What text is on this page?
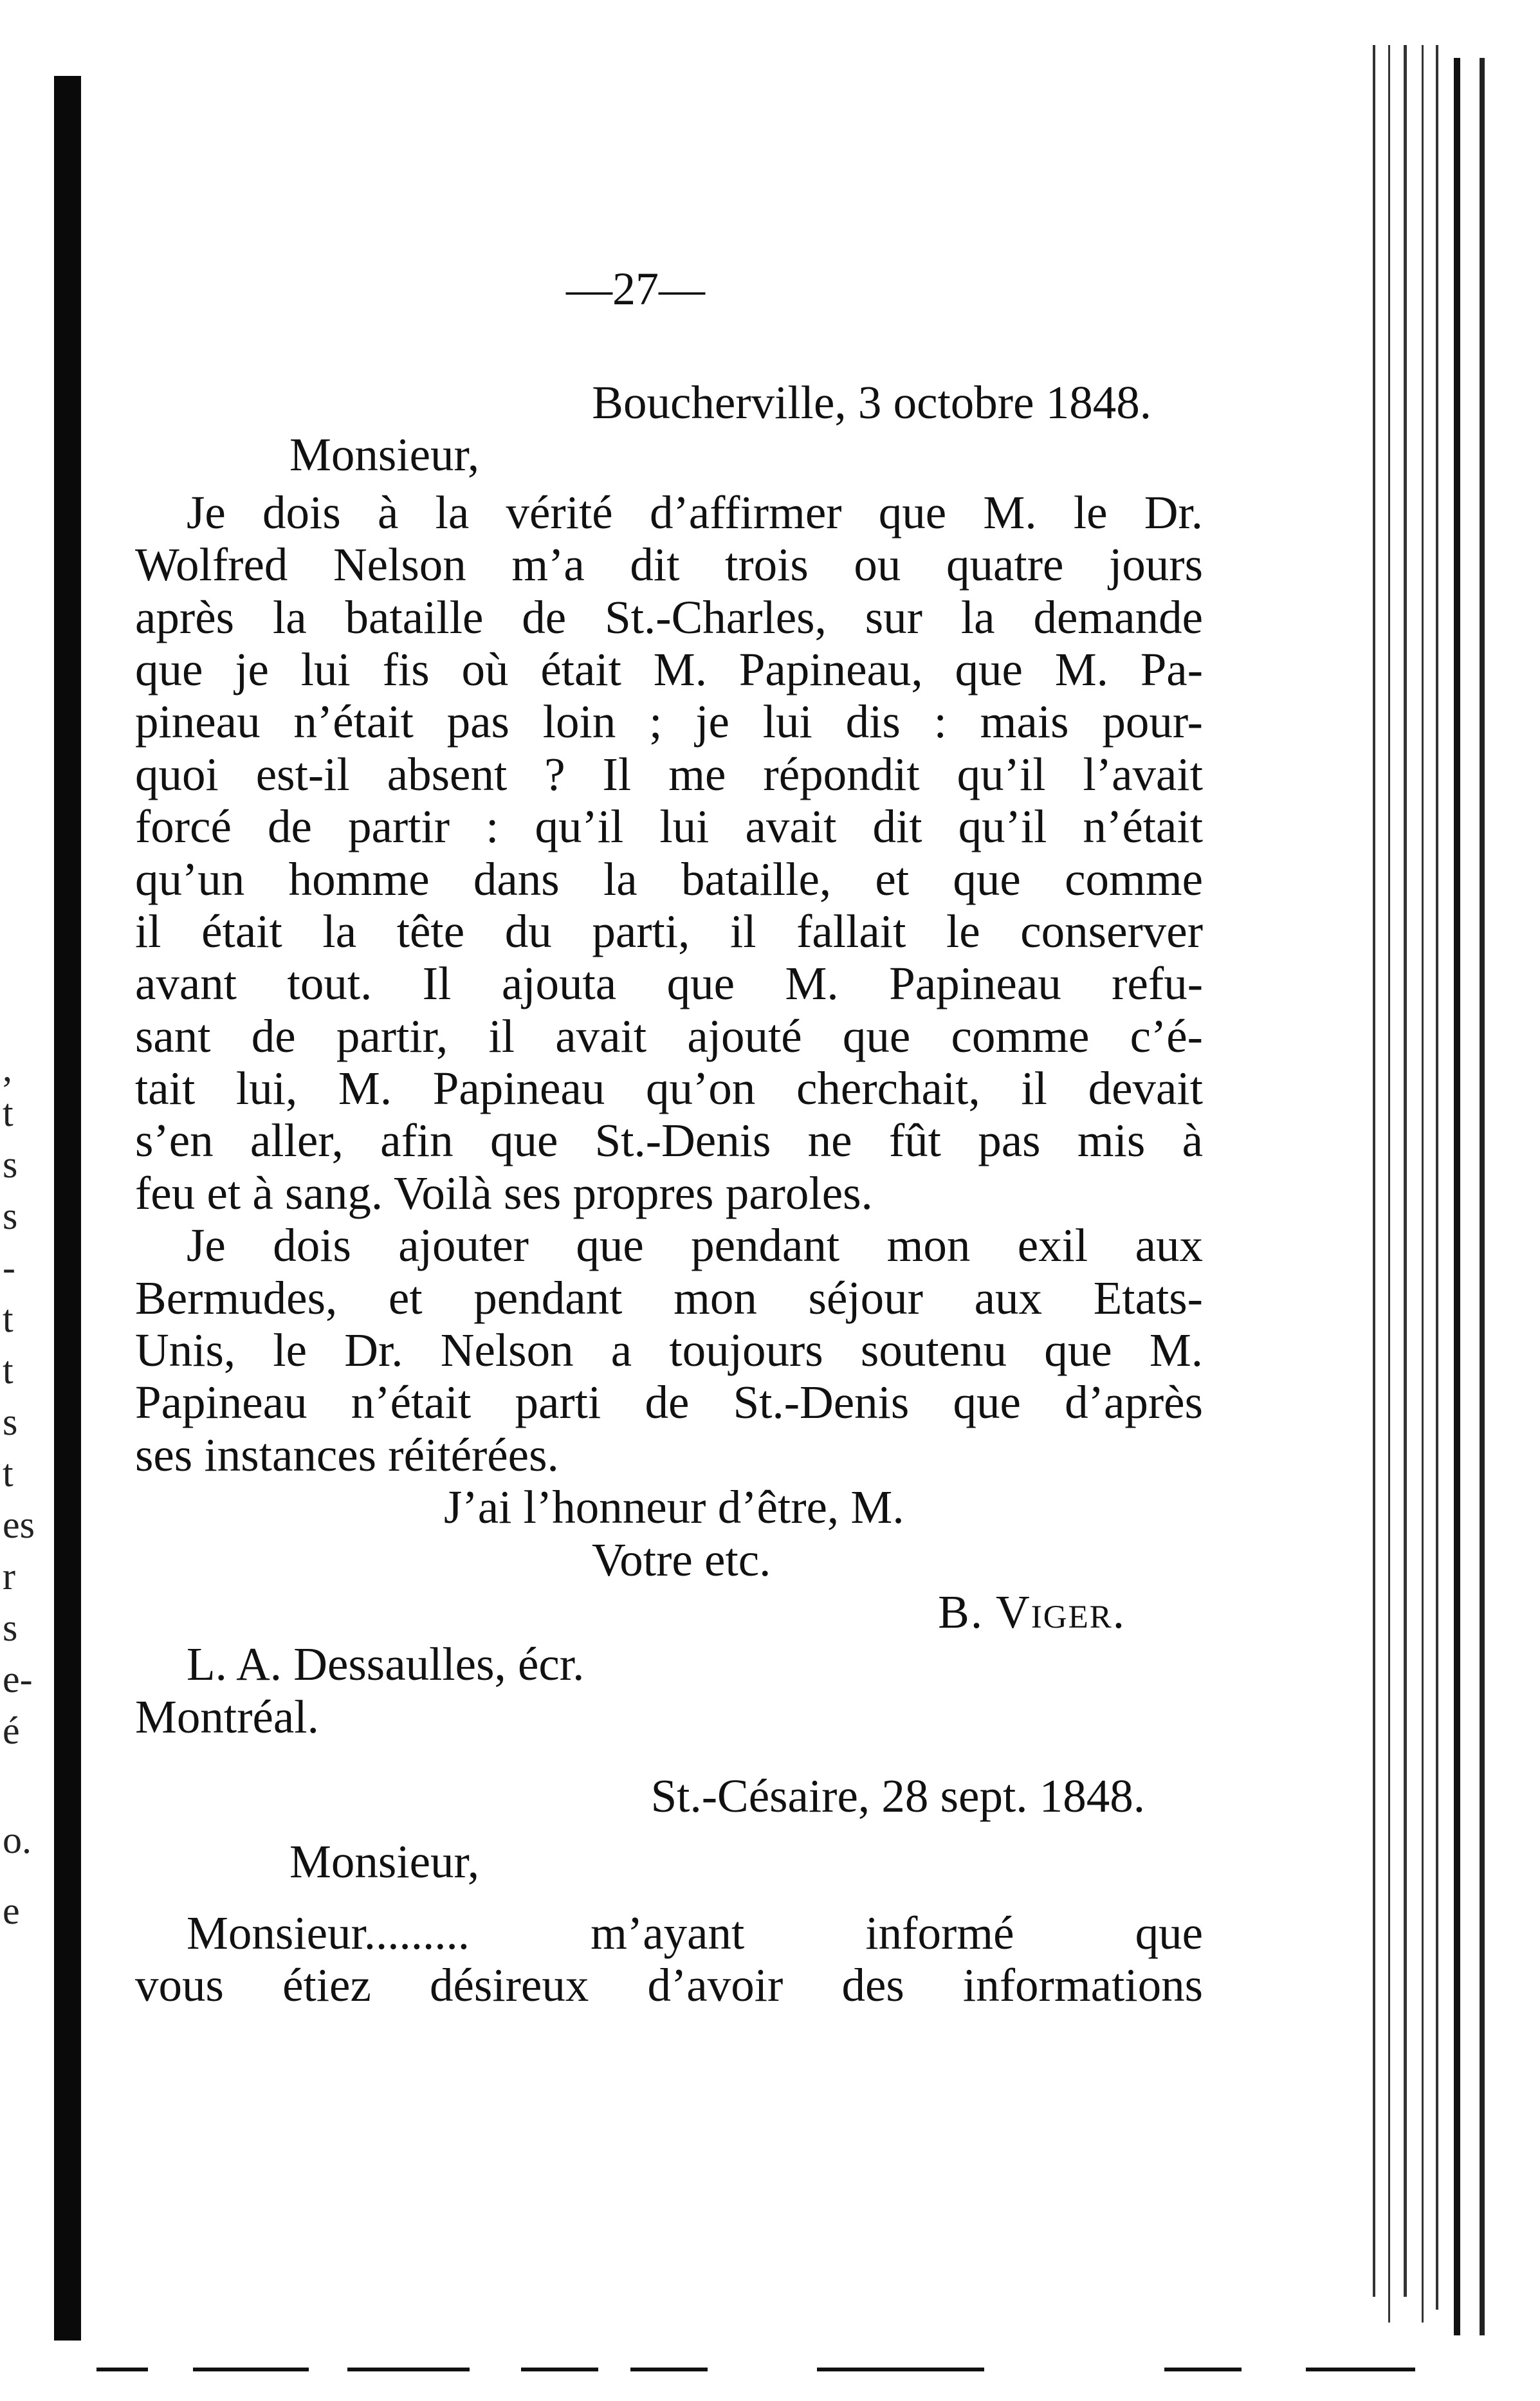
,
t
s
s
-
t
t
s
t
es
r
s
e-
é
o.
e
—27—
Boucherville, 3 octobre 1848.
Monsieur,
Je dois à la vérité d’affirmer que M. le Dr.
Wolfred Nelson m’a dit trois ou quatre jours
après la bataille de St.-Charles, sur la demande
que je lui fis où était M. Papineau, que M. Pa-
pineau n’était pas loin ; je lui dis : mais pour-
quoi est-il absent ? Il me répondit qu’il l’avait
forcé de partir : qu’il lui avait dit qu’il n’était
qu’un homme dans la bataille, et que comme
il était la tête du parti, il fallait le conserver
avant tout. Il ajouta que M. Papineau refu-
sant de partir, il avait ajouté que comme c’é-
tait lui, M. Papineau qu’on cherchait, il devait
s’en aller, afin que St.-Denis ne fût pas mis à
feu et à sang. Voilà ses propres paroles.
Je dois ajouter que pendant mon exil aux
Bermudes, et pendant mon séjour aux Etats-
Unis, le Dr. Nelson a toujours soutenu que M.
Papineau n’était parti de St.-Denis que d’après
ses instances réitérées.
J’ai l’honneur d’être, M.
Votre etc.
B. Viger.
L. A. Dessaulles, écr.
Montréal.
St.-Césaire, 28 sept. 1848.
Monsieur,
Monsieur......... m’ayant informé que
vous étiez désireux d’avoir des informations
